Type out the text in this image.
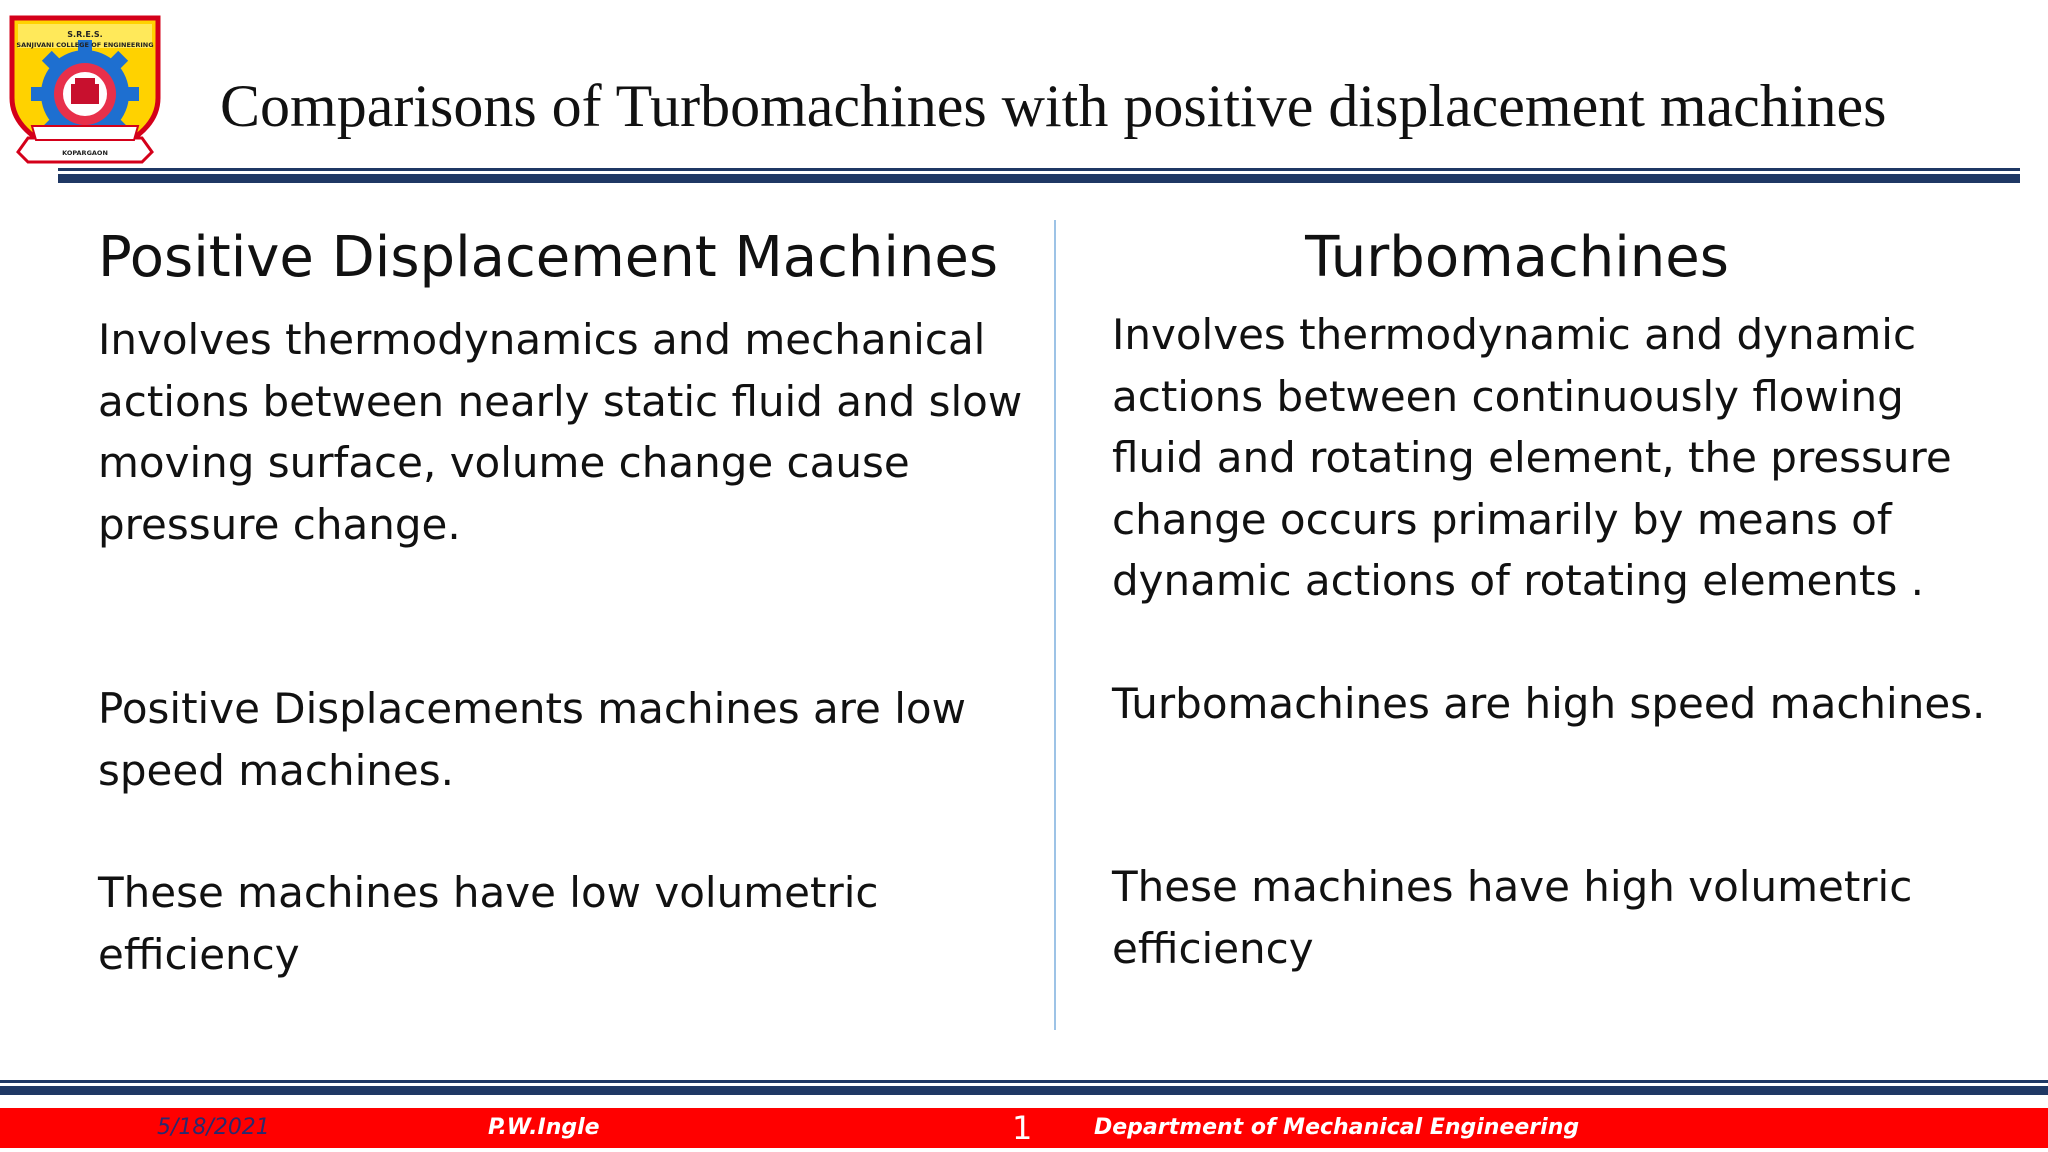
S.R.E.S.
SANJIVANI COLLEGE OF ENGINEERING
KOPARGAON
Comparisons of Turbomachines with positive displacement machines
Positive Displacement Machines
Involves thermodynamics and mechanical actions between nearly static fluid and slow moving surface, volume change cause pressure change.
Positive Displacements machines are low speed machines.
These machines have low volumetric efficiency
Turbomachines
Involves thermodynamic and dynamic actions between continuously flowing fluid and rotating element, the pressure change occurs primarily by means of dynamic actions of rotating elements .
Turbomachines are high speed machines.
These machines have high volumetric efficiency
5/18/2021	P.W.Ingle	1	Department of Mechanical Engineering
